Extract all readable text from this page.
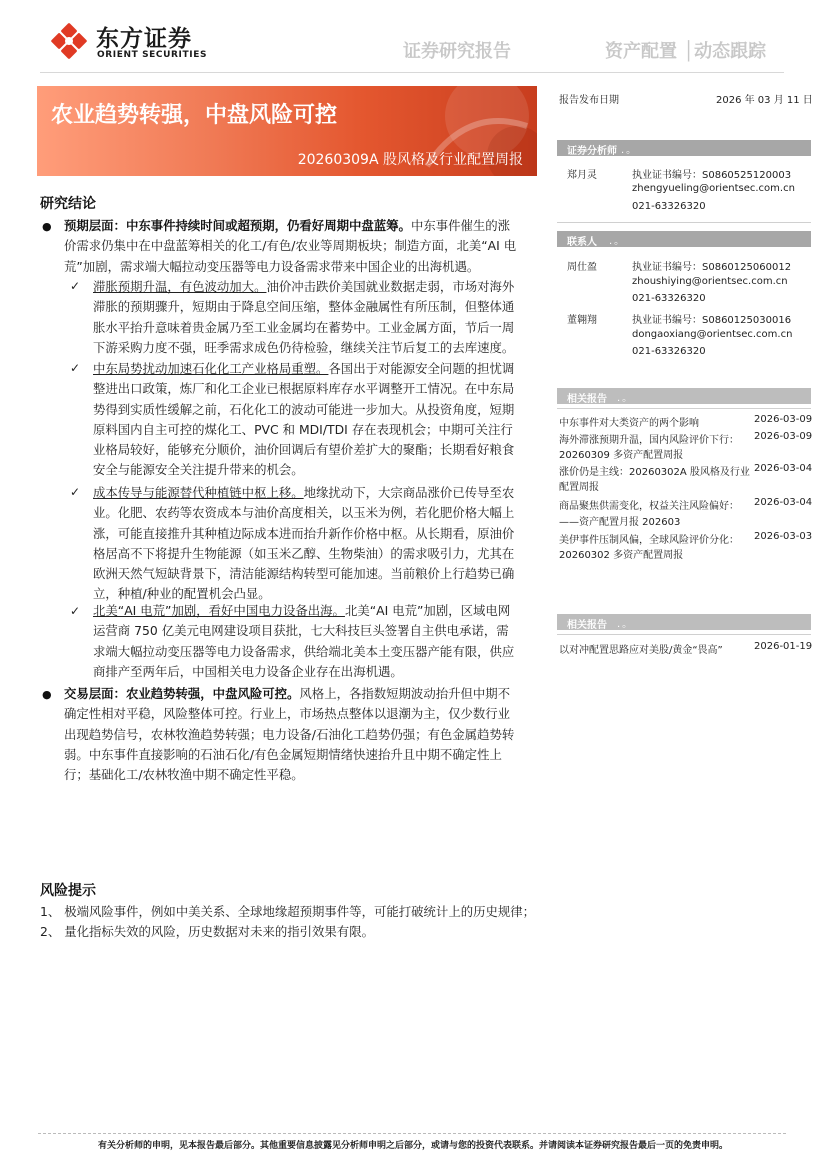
东方证券
ORIENT SECURITIES	证券研究报告	资产配置 │动态跟踪
农业趋势转强，中盘风险可控
20260309A 股风格及行业配置周报
报告发布日期	2026 年 03 月 11 日
证券分析师 .。
郑月灵	执业证书编号：S0860525120003
zhengyueling@orientsec.com.cn
021-63326320
联系人 .。
周仕盈	执业证书编号：S0860125060012
zhoushiying@orientsec.com.cn
021-63326320
董翱翔	执业证书编号：S0860125030016
dongaoxiang@orientsec.com.cn
021-63326320
相关报告 .。
中东事件对大类资产的两个影响	2026-03-09
海外滞涨预期升温，国内风险评价下行： 2026-03-09
20260309 多资产配置周报
涨价仍是主线：20260302A 股风格及行业 2026-03-04
配置周报
商品聚焦供需变化，权益关注风险偏好： 2026-03-04
——资产配置月报 202603
美伊事件压制风偏，全球风险评价分化： 2026-03-03
20260302 多资产配置周报
相关报告 .。
以对冲配置思路应对美股/黄金“畏高”	2026-01-19
研究结论
● 预期层面：中东事件持续时间或超预期，仍看好周期中盘蓝筹。中东事件催生的涨价需求仍集中在中盘蓝筹相关的化工/有色/农业等周期板块；制造方面，北美“AI 电荒”加剧，需求端大幅拉动变压器等电力设备需求带来中国企业的出海机遇。
✓ 滞胀预期升温，有色波动加大。油价冲击跌价美国就业数据走弱，市场对海外滞胀的预期骤升，短期由于降息空间压缩，整体金融属性有所压制，但整体通胀水平抬升意味着贵金属乃至工业金属均在蓄势中。工业金属方面，节后一周下游采购力度不强，旺季需求成色仍待检验，继续关注节后复工的去库速度。
✓ 中东局势扰动加速石化化工产业格局重塑。各国出于对能源安全问题的担忧调整进出口政策，炼厂和化工企业已根据原料库存水平调整开工情况。在中东局势得到实质性缓解之前，石化化工的波动可能进一步加大。从投资角度，短期原料国内自主可控的煤化工、PVC 和 MDI/TDI 存在表现机会；中期可关注行业格局较好，能够充分顺价，油价回调后有望价差扩大的聚酯；长期看好粮食安全与能源安全关注提升带来的机会。
✓ 成本传导与能源替代种植链中枢上移。地缘扰动下，大宗商品涨价已传导至农业。化肥、农药等农资成本与油价高度相关，以玉米为例，若化肥价格大幅上涨，可能直接推升其种植边际成本进而抬升新作价格中枢。从长期看，原油价格居高不下将提升生物能源（如玉米乙醇、生物柴油）的需求吸引力，尤其在欧洲天然气短缺背景下，清洁能源结构转型可能加速。当前粮价上行趋势已确立，种植/种业的配置机会凸显。
✓ 北美“AI 电荒”加剧，看好中国电力设备出海。北美“AI 电荒”加剧，区域电网运营商 750 亿美元电网建设项目获批，七大科技巨头签署自主供电承诺，需求端大幅拉动变压器等电力设备需求，供给端北美本土变压器产能有限，供应商排产至两年后，中国相关电力设备企业存在出海机遇。
● 交易层面：农业趋势转强，中盘风险可控。风格上，各指数短期波动抬升但中期不确定性相对平稳，风险整体可控。行业上，市场热点整体以退潮为主，仅少数行业出现趋势信号，农林牧渔趋势转强；电力设备/石油化工趋势仍强；有色金属趋势转弱。中东事件直接影响的石油石化/有色金属短期情绪快速抬升且中期不确定性上行；基础化工/农林牧渔中期不确定性平稳。
风险提示
1、 极端风险事件，例如中美关系、全球地缘超预期事件等，可能打破统计上的历史规律； 2、 量化指标失效的风险，历史数据对未来的指引效果有限。
有关分析师的申明，见本报告最后部分。其他重要信息披露见分析师申明之后部分，或请与您的投资代表联系。并请阅读本证券研究报告最后一页的免责申明。
